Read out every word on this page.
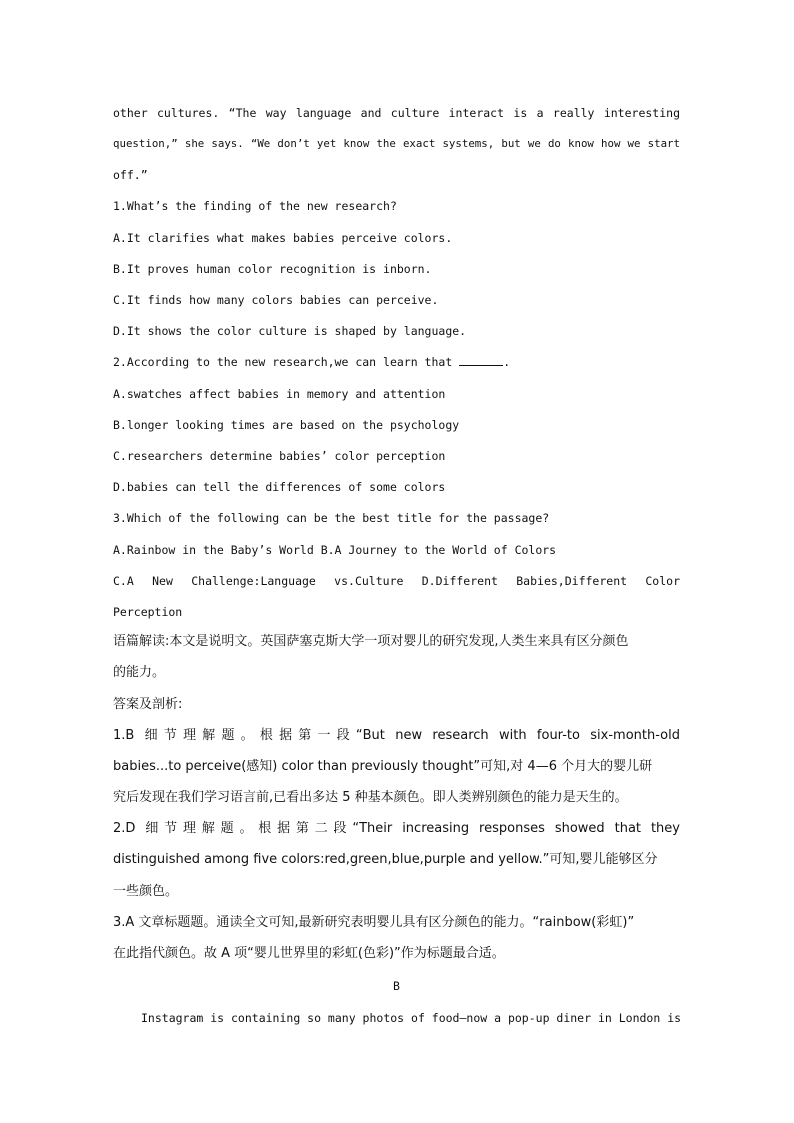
other cultures. “The way language and culture interact is a really interesting
question,” she says. “We don’t yet know the exact systems, but we do know how we start
off.”
1.What’s the finding of the new research?
A.It clarifies what makes babies perceive colors.
B.It proves human color recognition is inborn.
C.It finds how many colors babies can perceive.
D.It shows the color culture is shaped by language.
2.According to the new research,we can learn that	.
A.swatches affect babies in memory and attention
B.longer looking times are based on the psychology
C.researchers determine babies’ color perception
D.babies can tell the differences of some colors
3.Which of the following can be the best title for the passage?
A.Rainbow in the Baby’s World B.A Journey to the World of Colors
C.A New Challenge:Language vs.Culture D.Different Babies,Different Color
Perception
语篇解读:本文是说明文。英国萨塞克斯大学一项对婴儿的研究发现,人类生来具有区分颜色
的能力。
答案及剖析:
1.B 细节理解题。根据第一段“But new research with four-to six-month-old
babies...to perceive(感知) color than previously thought”可知,对 4—6 个月大的婴儿研
究后发现在我们学习语言前,已看出多达 5 种基本颜色。即人类辨别颜色的能力是天生的。
2.D 细节理解题。根据第二段“Their increasing responses showed that they
distinguished among five colors:red,green,blue,purple and yellow.”可知,婴儿能够区分
一些颜色。
3.A 文章标题题。通读全文可知,最新研究表明婴儿具有区分颜色的能力。“rainbow(彩虹)”
在此指代颜色。故 A 项“婴儿世界里的彩虹(色彩)”作为标题最合适。
B
Instagram is containing so many photos of food—now a pop-up diner in London is
